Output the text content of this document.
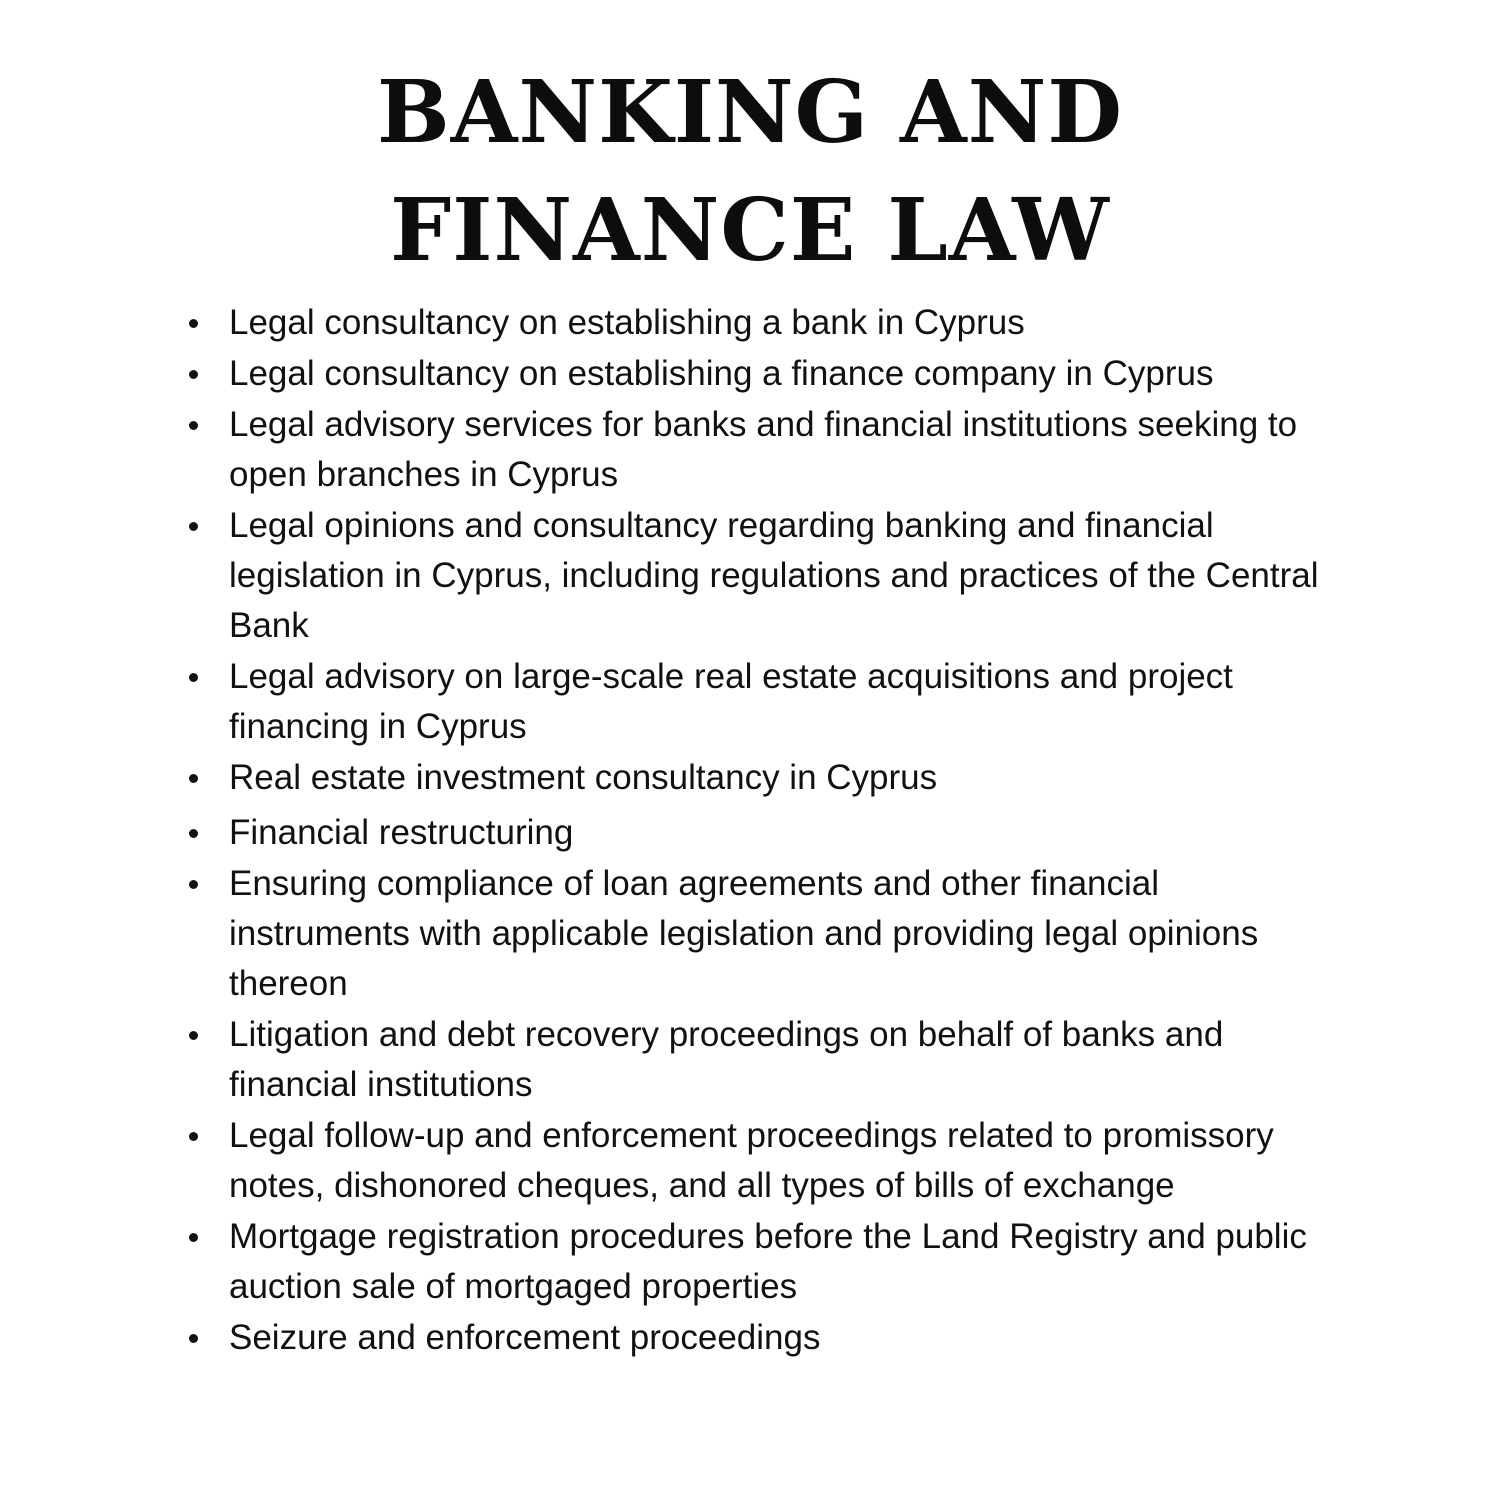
BANKING AND
FINANCE LAW
Legal consultancy on establishing a bank in Cyprus
Legal consultancy on establishing a finance company in Cyprus
Legal advisory services for banks and financial institutions seeking to open branches in Cyprus
Legal opinions and consultancy regarding banking and financial legislation in Cyprus, including regulations and practices of the Central Bank
Legal advisory on large-scale real estate acquisitions and project financing in Cyprus
Real estate investment consultancy in Cyprus
Financial restructuring
Ensuring compliance of loan agreements and other financial instruments with applicable legislation and providing legal opinions thereon
Litigation and debt recovery proceedings on behalf of banks and financial institutions
Legal follow-up and enforcement proceedings related to promissory notes, dishonored cheques, and all types of bills of exchange
Mortgage registration procedures before the Land Registry and public auction sale of mortgaged properties
Seizure and enforcement proceedings
